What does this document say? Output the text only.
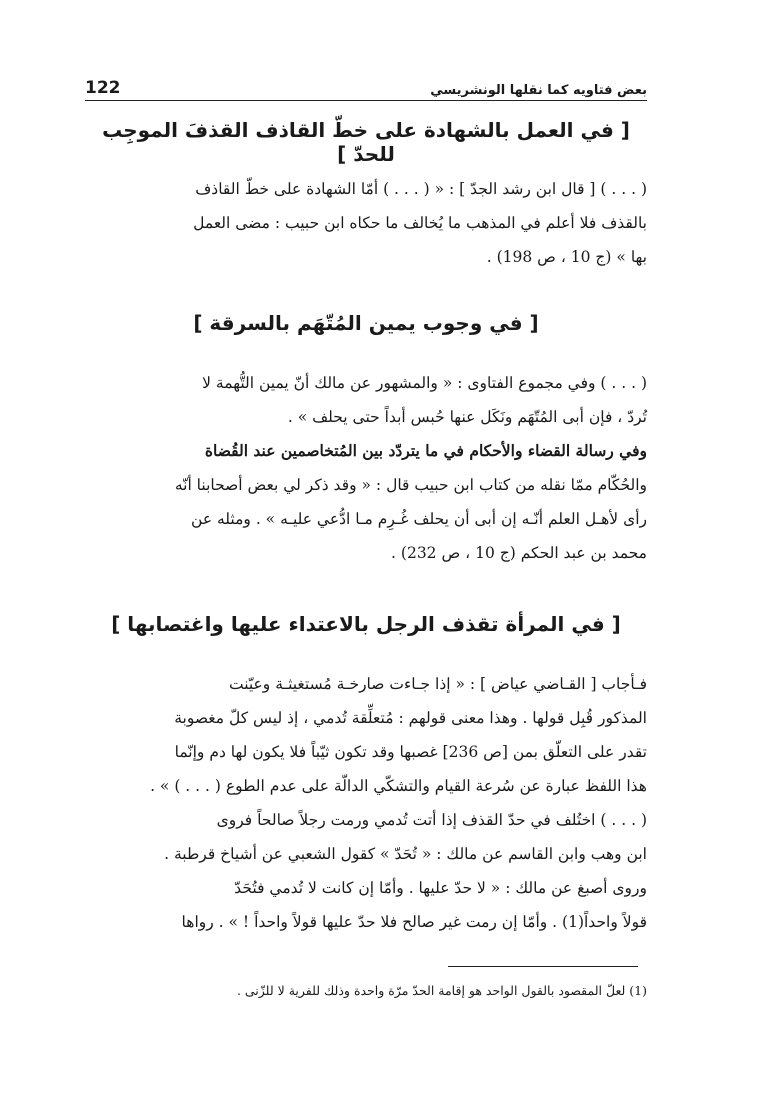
122	بعض فتاويه كما نقلها الونشريسي
[ في العمل بالشهادة على خطّ القاذف القذفَ الموجِب للحدّ ]
( . . . ) [ قال ابن رشد الجدّ ] : « ( . . . ) أمّا الشهادة على خطّ القاذف
بالقذف فلا أعلم في المذهب ما يُخالف ما حكاه ابن حبيب : مضى العمل
بها » (ج 10 ، ص 198) .
[ في وجوب يمين المُتّهَم بالسرقة ]
( . . . ) وفي مجموع الفتاوى : « والمشهور عن مالك أنّ يمين التُّهمة لا
تُردّ ، فإن أبى المُتّهَم ونَكَل عنها حُبس أبداً حتى يحلف » .
وفي رسالة القضاء والأحكام في ما يتردّد بين المُتخاصمين عند القُضاة
والحُكّام ممّا نقله من كتاب ابن حبيب قال : « وقد ذكر لي بعض أصحابنا أنّه
رأى لأهـل العلم أنّـه إن أبى أن يحلف غُـرِم مـا ادُّعي عليـه » . ومثله عن
محمد بن عبد الحكم (ج 10 ، ص 232) .
[ في المرأة تقذف الرجل بالاعتداء عليها واغتصابها ]
فـأجاب [ القـاضي عياض ] : « إذا جـاءت صارخـة مُستغيثـة وعيّنت
المذكور قُبِل قولها . وهذا معنى قولهم : مُتعلِّقة تُدمي ، إذ ليس كلّ مغصوبة
تقدر على التعلّق بمن [ص 236] غصبها وقد تكون ثيّباً فلا يكون لها دم وإنّما
هذا اللفظ عبارة عن سُرعة القيام والتشكّي الدالّة على عدم الطوع ( . . . ) » .
( . . . ) اختُلف في حدّ القذف إذا أتت تُدمي ورمت رجلاً صالحاً فروى
ابن وهب وابن القاسم عن مالك : « تُحَدّ » كقول الشعبي عن أشياخ قرطبة .
وروى أصبغ عن مالك : « لا حدّ عليها . وأمّا إن كانت لا تُدمي فتُحَدّ
قولاً واحداً(1) . وأمّا إن رمت غير صالح فلا حدّ عليها قولاً واحداً ! » . رواها
(1) لعلّ المقصود بالقول الواحد هو إقامة الحدّ مرّة واحدة وذلك للفرية لا للزّنى .
